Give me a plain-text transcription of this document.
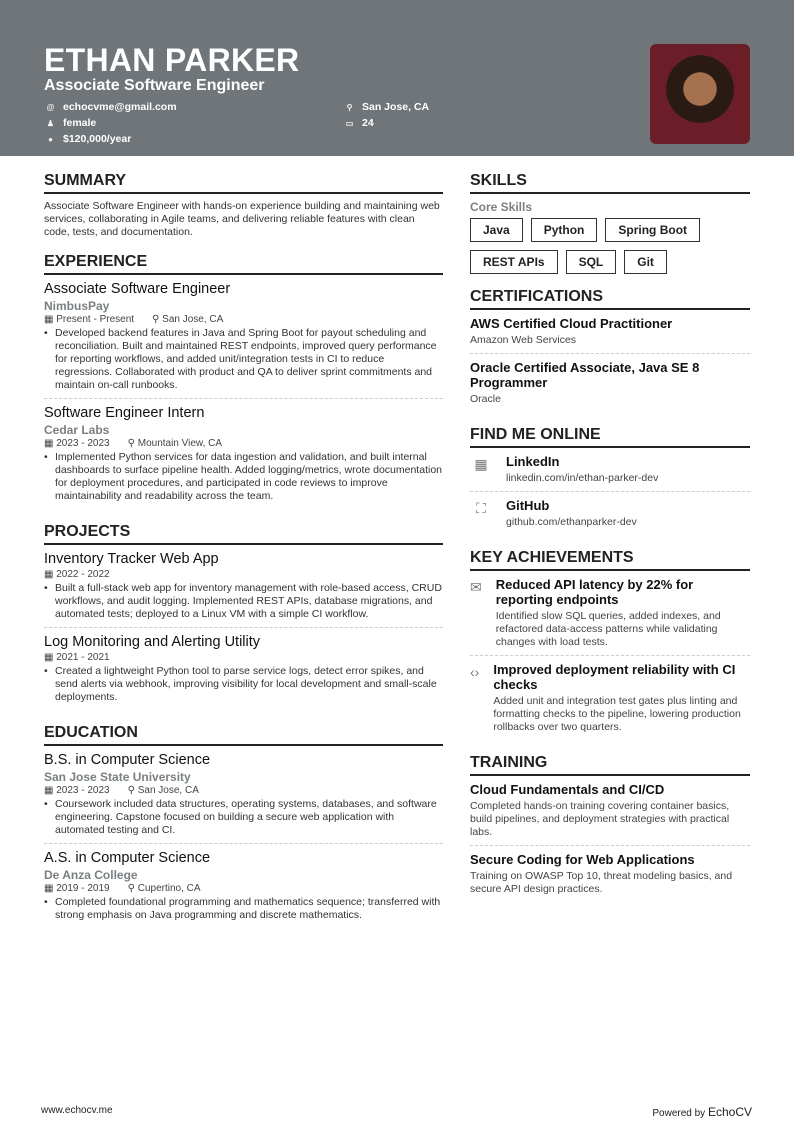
ETHAN PARKER
Associate Software Engineer
@ echocvme@gmail.com
♟ female
● $120,000/year
⚲ San Jose, CA
▭ 24
SUMMARY
Associate Software Engineer with hands-on experience building and maintaining web services, collaborating in Agile teams, and delivering reliable features with clean code, tests, and documentation.
EXPERIENCE
Associate Software Engineer
NimbusPay
▦ Present - Present ⚲ San Jose, CA
• Developed backend features in Java and Spring Boot for payout scheduling and reconciliation. Built and maintained REST endpoints, improved query performance for reporting workflows, and added unit/integration tests in CI to reduce regressions. Collaborated with product and QA to deliver sprint commitments and maintain on-call runbooks.
Software Engineer Intern
Cedar Labs
▦ 2023 - 2023 ⚲ Mountain View, CA
• Implemented Python services for data ingestion and validation, and built internal dashboards to surface pipeline health. Added logging/metrics, wrote documentation for deployment procedures, and participated in code reviews to improve maintainability and readability across the team.
PROJECTS
Inventory Tracker Web App
▦ 2022 - 2022
• Built a full-stack web app for inventory management with role-based access, CRUD workflows, and audit logging. Implemented REST APIs, database migrations, and automated tests; deployed to a Linux VM with a simple CI workflow.
Log Monitoring and Alerting Utility
▦ 2021 - 2021
• Created a lightweight Python tool to parse service logs, detect error spikes, and send alerts via webhook, improving visibility for local development and small-scale deployments.
EDUCATION
B.S. in Computer Science
San Jose State University
▦ 2023 - 2023 ⚲ San Jose, CA
• Coursework included data structures, operating systems, databases, and software engineering. Capstone focused on building a secure web application with automated testing and CI.
A.S. in Computer Science
De Anza College
▦ 2019 - 2019 ⚲ Cupertino, CA
• Completed foundational programming and mathematics sequence; transferred with strong emphasis on Java programming and discrete mathematics.
SKILLS
Core Skills
Java	Python	Spring Boot
REST APIs	SQL	Git
CERTIFICATIONS
AWS Certified Cloud Practitioner
Amazon Web Services
Oracle Certified Associate, Java SE 8 Programmer
Oracle
FIND ME ONLINE
▦	LinkedIn
linkedin.com/in/ethan-parker-dev
⛶	GitHub
github.com/ethanparker-dev
KEY ACHIEVEMENTS
✉ Reduced API latency by 22% for reporting endpoints
Identified slow SQL queries, added indexes, and refactored data-access patterns while validating changes with load tests.
‹› Improved deployment reliability with CI checks
Added unit and integration test gates plus linting and formatting checks to the pipeline, lowering production rollbacks over two quarters.
TRAINING
Cloud Fundamentals and CI/CD
Completed hands-on training covering container basics, build pipelines, and deployment strategies with practical labs.
Secure Coding for Web Applications
Training on OWASP Top 10, threat modeling basics, and secure API design practices.
www.echocv.me	Powered by EchoCV
